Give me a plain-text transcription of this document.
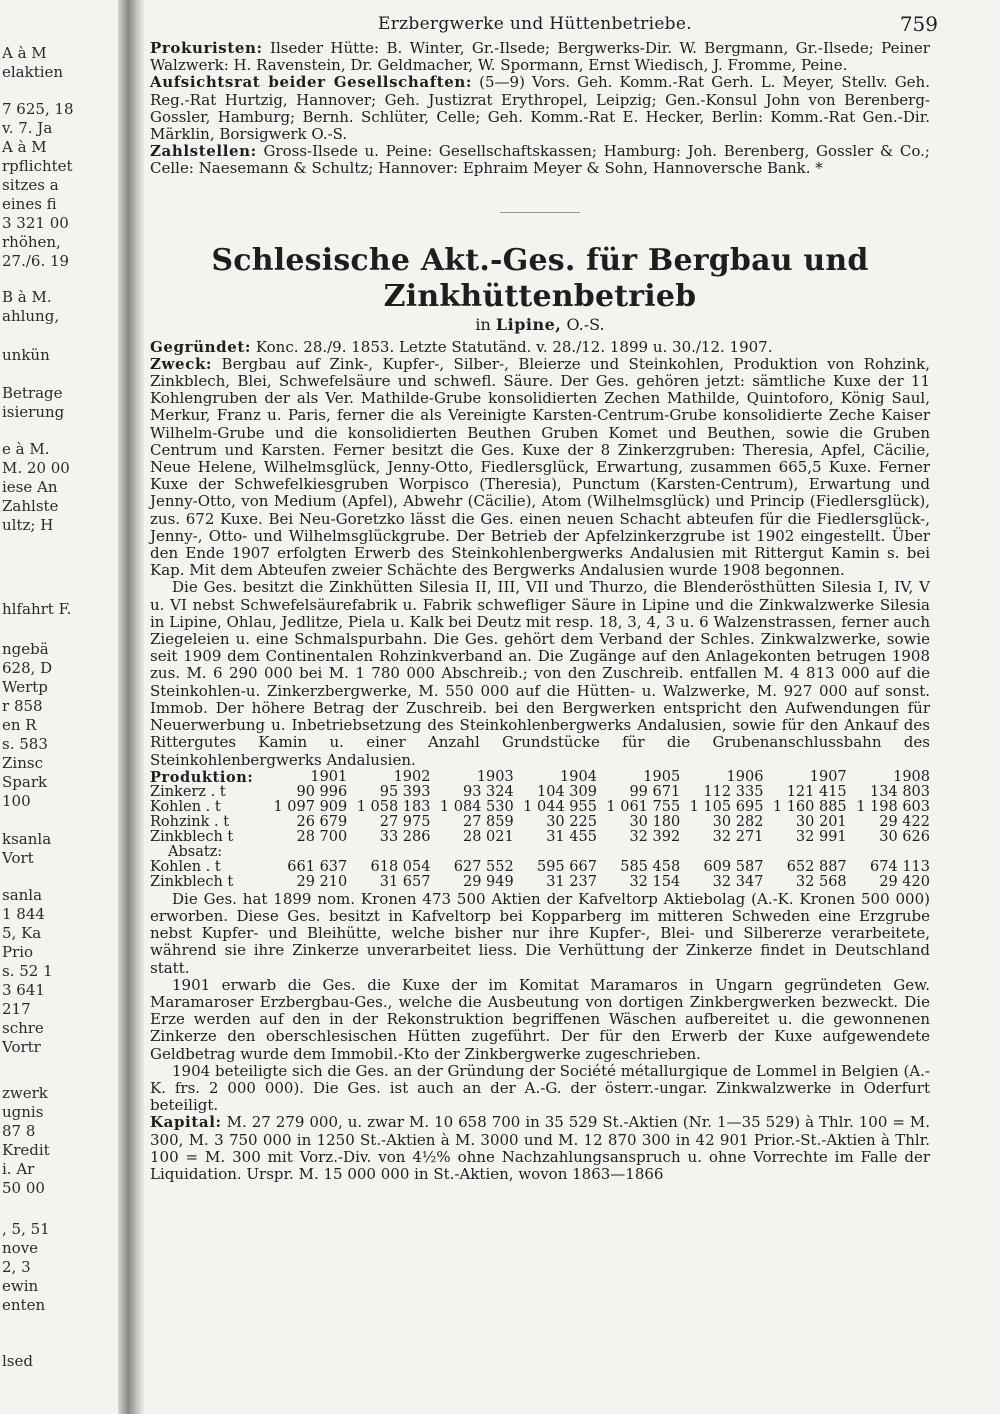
A à M
elaktien
7 625, 18
v. 7. Ja
A à M
rpflichtet
sitzes a
eines fi
3 321 00
rhöhen,
27./6. 19
B à M.
ahlung,
unkün
Betrage
isierung
e à M.
M. 20 00
iese An
Zahlste
ultz; H
hlfahrt F.
ngebä
628, D
Wertp
r 858
en R
s. 583
Zinsc
Spark
100
ksanla
Vort
sanla
1 844
5, Ka
Prio
s. 52 1
3 641
217
schre
Vortr
zwerk
ugnis
87 8
Kredit
i. Ar
50 00
, 5, 51
nove
2, 3
ewin
enten
lsed
Erzbergwerke und Hüttenbetriebe.	759

Prokuristen: Ilseder Hütte: B. Winter, Gr.-Ilsede; Bergwerks-Dir. W. Bergmann, Gr.-Ilsede; Peiner Walzwerk: H. Ravenstein, Dr. Geldmacher, W. Spormann, Ernst Wiedisch, J. Fromme, Peine.

Aufsichtsrat beider Gesellschaften: (5—9) Vors. Geh. Komm.-Rat Gerh. L. Meyer, Stellv. Geh. Reg.-Rat Hurtzig, Hannover; Geh. Justizrat Erythropel, Leipzig; Gen.-Konsul John von Berenberg-Gossler, Hamburg; Bernh. Schlüter, Celle; Geh. Komm.-Rat E. Hecker, Berlin: Komm.-Rat Gen.-Dir. Märklin, Borsigwerk O.-S.

Zahlstellen: Gross-Ilsede u. Peine: Gesellschaftskassen; Hamburg: Joh. Berenberg, Gossler & Co.; Celle: Naesemann & Schultz; Hannover: Ephraim Meyer & Sohn, Hannoversche Bank. *

Schlesische Akt.-Ges. für Bergbau und Zinkhüttenbetrieb
in Lipine, O.-S.

Gegründet: Konc. 28./9. 1853. Letzte Statutänd. v. 28./12. 1899 u. 30./12. 1907.

Zweck: Bergbau auf Zink-, Kupfer-, Silber-, Bleierze und Steinkohlen, Produktion von Rohzink, Zinkblech, Blei, Schwefelsäure und schwefl. Säure. Der Ges. gehören jetzt: sämtliche Kuxe der 11 Kohlengruben der als Ver. Mathilde-Grube konsolidierten Zechen Mathilde, Quintoforo, König Saul, Merkur, Franz u. Paris, ferner die als Vereinigte Karsten-Centrum-Grube konsolidierte Zeche Kaiser Wilhelm-Grube und die konsolidierten Beuthen Gruben Komet und Beuthen, sowie die Gruben Centrum und Karsten. Ferner besitzt die Ges. Kuxe der 8 Zinkerzgruben: Theresia, Apfel, Cäcilie, Neue Helene, Wilhelmsglück, Jenny-Otto, Fiedlersglück, Erwartung, zusammen 665,5 Kuxe. Ferner Kuxe der Schwefelkiesgruben Worpisco (Theresia), Punctum (Karsten-Centrum), Erwartung und Jenny-Otto, von Medium (Apfel), Abwehr (Cäcilie), Atom (Wilhelmsglück) und Princip (Fiedlersglück), zus. 672 Kuxe. Bei Neu-Goretzko lässt die Ges. einen neuen Schacht abteufen für die Fiedlersglück-, Jenny-, Otto- und Wilhelmsglückgrube. Der Betrieb der Apfelzinkerzgrube ist 1902 eingestellt. Über den Ende 1907 erfolgten Erwerb des Steinkohlenbergwerks Andalusien mit Rittergut Kamin s. bei Kap. Mit dem Abteufen zweier Schächte des Bergwerks Andalusien wurde 1908 begonnen.

Die Ges. besitzt die Zinkhütten Silesia II, III, VII und Thurzo, die Blenderösthütten Silesia I, IV, V u. VI nebst Schwefelsäurefabrik u. Fabrik schwefliger Säure in Lipine und die Zinkwalzwerke Silesia in Lipine, Ohlau, Jedlitze, Piela u. Kalk bei Deutz mit resp. 18, 3, 4, 3 u. 6 Walzenstrassen, ferner auch Ziegeleien u. eine Schmalspurbahn. Die Ges. gehört dem Verband der Schles. Zinkwalzwerke, sowie seit 1909 dem Continentalen Rohzinkverband an. Die Zugänge auf den Anlagekonten betrugen 1908 zus. M. 6 290 000 bei M. 1 780 000 Abschreib.; von den Zuschreib. entfallen M. 4 813 000 auf die Steinkohlen-u. Zinkerzbergwerke, M. 550 000 auf die Hütten- u. Walzwerke, M. 927 000 auf sonst. Immob. Der höhere Betrag der Zuschreib. bei den Bergwerken entspricht den Aufwendungen für Neuerwerbung u. Inbetriebsetzung des Steinkohlenbergwerks Andalusien, sowie für den Ankauf des Rittergutes Kamin u. einer Anzahl Grundstücke für die Grubenanschlussbahn des Steinkohlenbergwerks Andalusien.

Produktion:	1901	1902	1903	1904	1905	1906	1907	1908
Zinkerz . t	90 996	95 393	93 324	104 309	99 671	112 335	121 415	134 803
Kohlen . t	1 097 909	1 058 183	1 084 530	1 044 955	1 061 755	1 105 695	1 160 885	1 198 603
Rohzink . t	26 679	27 975	27 859	30 225	30 180	30 282	30 201	29 422
Zinkblech t	28 700	33 286	28 021	31 455	32 392	32 271	32 991	30 626
Absatz:								
Kohlen . t	661 637	618 054	627 552	595 667	585 458	609 587	652 887	674 113
Zinkblech t	29 210	31 657	29 949	31 237	32 154	32 347	32 568	29 420

Die Ges. hat 1899 nom. Kronen 473 500 Aktien der Kafveltorp Aktiebolag (A.-K. Kronen 500 000) erworben. Diese Ges. besitzt in Kafveltorp bei Kopparberg im mitteren Schweden eine Erzgrube nebst Kupfer- und Bleihütte, welche bisher nur ihre Kupfer-, Blei- und Silbererze verarbeitete, während sie ihre Zinkerze unverarbeitet liess. Die Verhüttung der Zinkerze findet in Deutschland statt.

1901 erwarb die Ges. die Kuxe der im Komitat Maramaros in Ungarn gegründeten Gew. Maramaroser Erzbergbau-Ges., welche die Ausbeutung von dortigen Zinkbergwerken bezweckt. Die Erze werden auf den in der Rekonstruktion begriffenen Wäschen aufbereitet u. die gewonnenen Zinkerze den oberschlesischen Hütten zugeführt. Der für den Erwerb der Kuxe aufgewendete Geldbetrag wurde dem Immobil.-Kto der Zinkbergwerke zugeschrieben.

1904 beteiligte sich die Ges. an der Gründung der Société métallurgique de Lommel in Belgien (A.-K. frs. 2 000 000). Die Ges. ist auch an der A.-G. der österr.-ungar. Zinkwalzwerke in Oderfurt beteiligt.

Kapital: M. 27 279 000, u. zwar M. 10 658 700 in 35 529 St.-Aktien (Nr. 1—35 529) à Thlr. 100 = M. 300, M. 3 750 000 in 1250 St.-Aktien à M. 3000 und M. 12 870 300 in 42 901 Prior.-St.-Aktien à Thlr. 100 = M. 300 mit Vorz.-Div. von 4½% ohne Nachzahlungsanspruch u. ohne Vorrechte im Falle der Liquidation. Urspr. M. 15 000 000 in St.-Aktien, wovon 1863—1866
